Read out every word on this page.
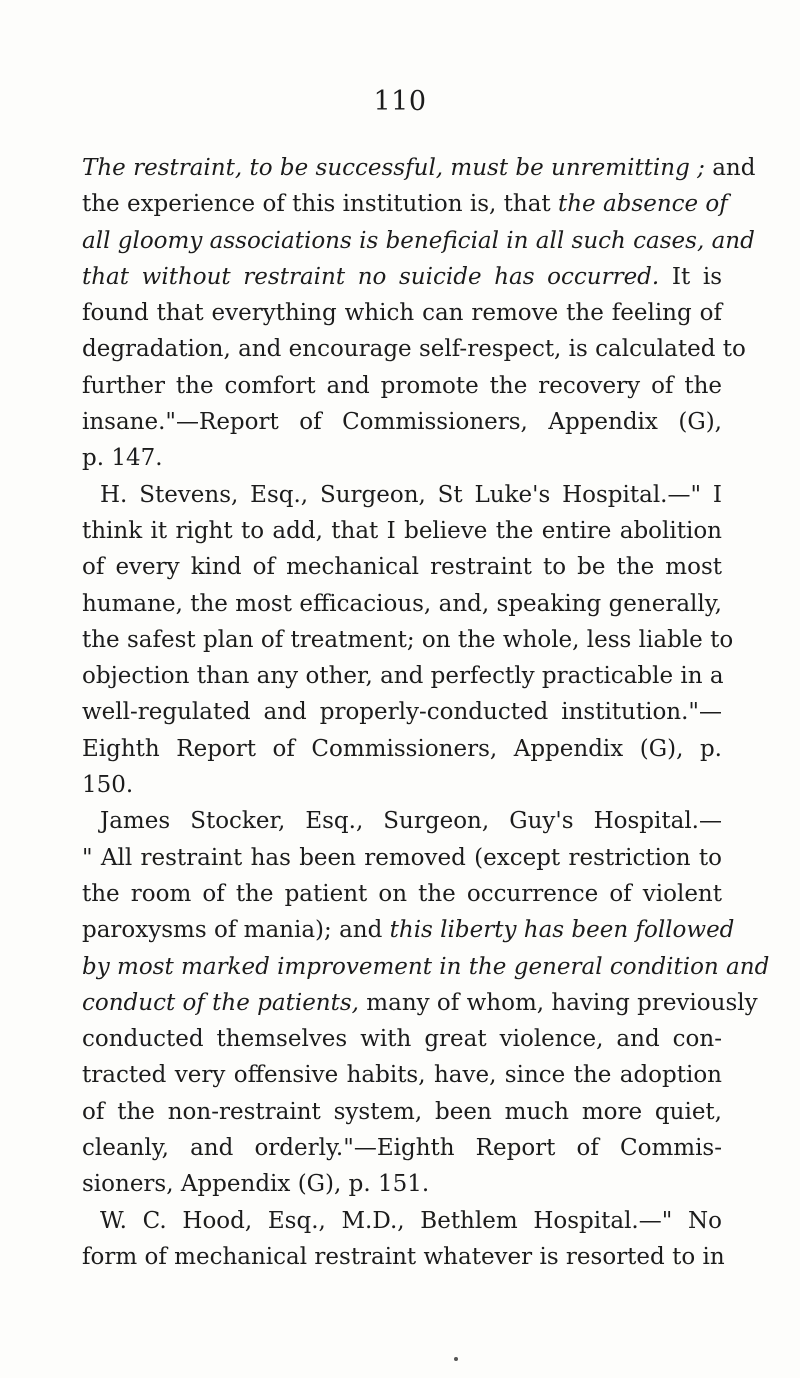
110
The restraint, to be successful, must be unremitting ; and
the experience of this institution is, that the absence of
all gloomy associations is beneficial in all such cases, and
that without restraint no suicide has occurred. It is
found that everything which can remove the feeling of
degradation, and encourage self-respect, is calculated to
further the comfort and promote the recovery of the
insane."—Report of Commissioners, Appendix (G),
p. 147.
H. Stevens, Esq., Surgeon, St Luke's Hospital.—" I
think it right to add, that I believe the entire abolition
of every kind of mechanical restraint to be the most
humane, the most efficacious, and, speaking generally,
the safest plan of treatment; on the whole, less liable to
objection than any other, and perfectly practicable in a
well-regulated and properly-conducted institution."—
Eighth Report of Commissioners, Appendix (G), p.
150.
James Stocker, Esq., Surgeon, Guy's Hospital.—
" All restraint has been removed (except restriction to
the room of the patient on the occurrence of violent
paroxysms of mania); and this liberty has been followed
by most marked improvement in the general condition and
conduct of the patients, many of whom, having previously
conducted themselves with great violence, and con-
tracted very offensive habits, have, since the adoption
of the non-restraint system, been much more quiet,
cleanly, and orderly."—Eighth Report of Commis-
sioners, Appendix (G), p. 151.
W. C. Hood, Esq., M.D., Bethlem Hospital.—" No
form of mechanical restraint whatever is resorted to in
